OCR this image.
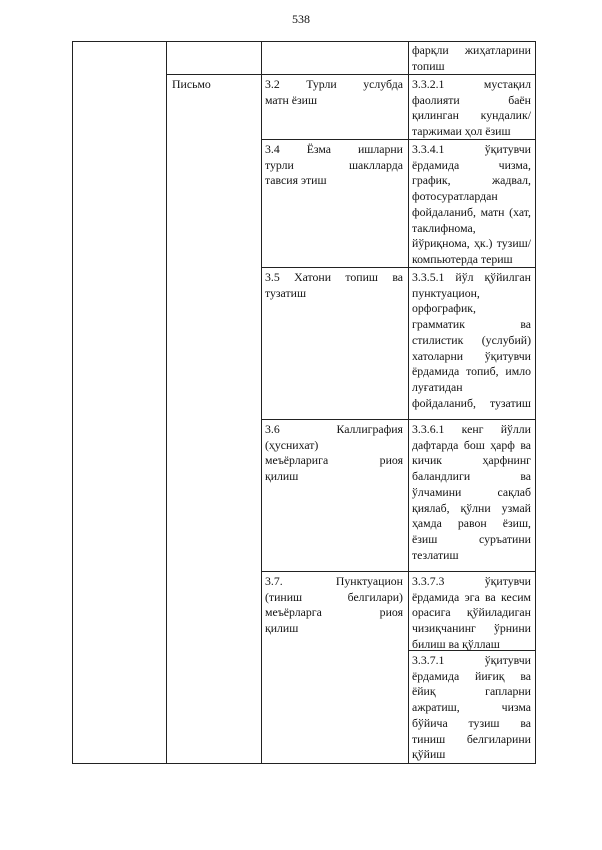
538
Письмо
фарқли жиҳатларини
топиш
3.2 Турли услубда
матн ёзиш
3.3.2.1 мустақил
фаолияти баён
қилинган кундалик/
таржимаи ҳол ёзиш
3.4 Ёзма ишларни
турли шаклларда
тавсия этиш
3.3.4.1 ўқитувчи
ёрдамида чизма,
график, жадвал,
фотосуратлардан
фойдаланиб, матн (хат,
таклифнома,
йўриқнома, ҳк.) тузиш/
компьютерда териш
3.5 Хатони топиш ва
тузатиш
3.3.5.1 йўл қўйилган
пунктуацион,
орфографик,
грамматик ва
стилистик (услубий)
хатоларни ўқитувчи
ёрдамида топиб, имло
луғатидан
фойдаланиб, тузатиш
3.6 Каллиграфия
(ҳуснихат)
меъёрларига риоя
қилиш
3.3.6.1 кенг йўлли
дафтарда бош ҳарф ва
кичик ҳарфнинг
баландлиги ва
ўлчамини сақлаб
қиялаб, қўлни узмай
ҳамда равон ёзиш,
ёзиш суръатини
тезлатиш
3.7. Пунктуацион
(тиниш белгилари)
меъёрларга риоя
қилиш
3.3.7.3 ўқитувчи
ёрдамида эга ва кесим
орасига қўйиладиган
чизиқчанинг ўрнини
билиш ва қўллаш
3.3.7.1 ўқитувчи
ёрдамида йиғиқ ва
ёйиқ гапларни
ажратиш, чизма
бўйича тузиш ва
тиниш белгиларини
қўйиш
